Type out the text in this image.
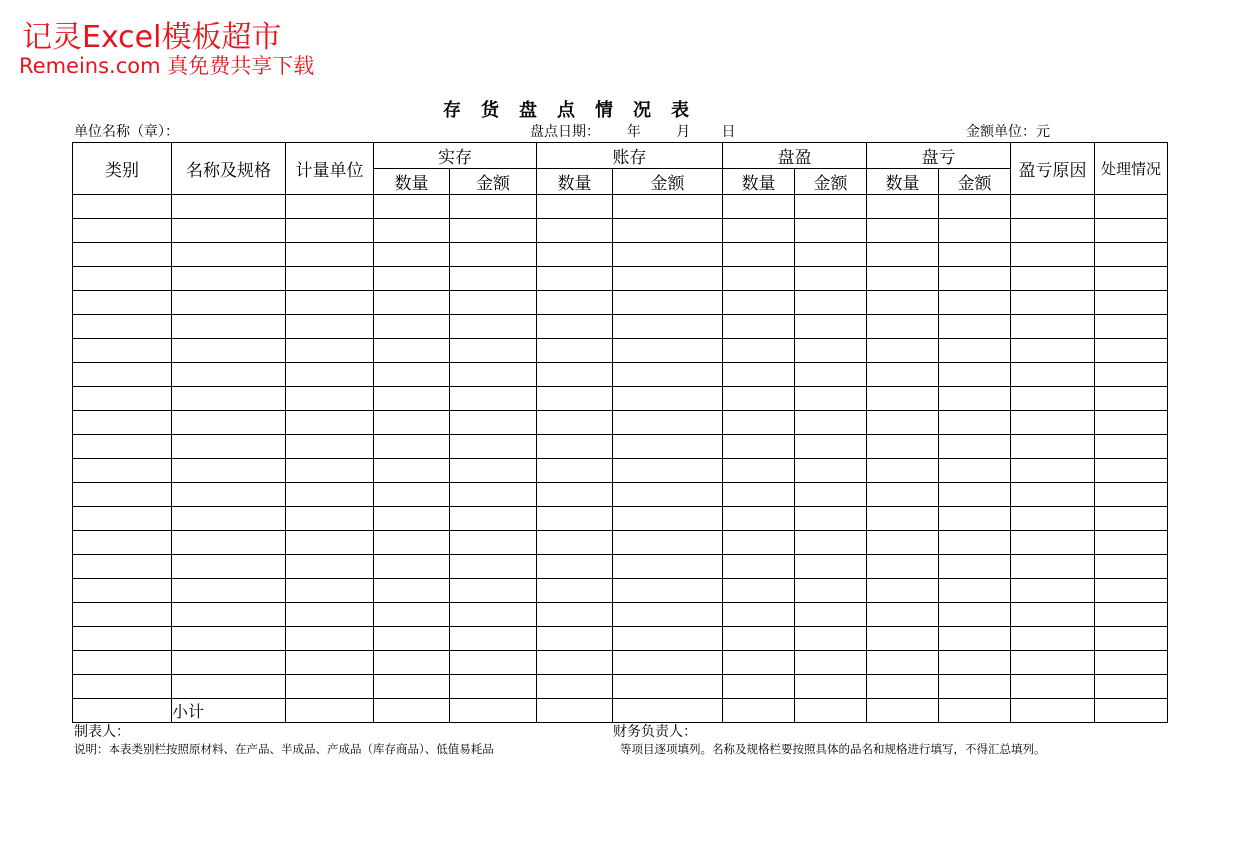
记灵Excel模板超市
Remeins.com 真免费共享下载
存货盘点情况表
单位名称（章）：	盘点日期：      年        月       日	金额单位：元
类别	名称及规格	计量单位	实存		账存		盘盈		盘亏		盈亏原因	处理情况
			数量	金额	数量	金额	数量	金额	数量	金额		

	小计											
制表人：	财务负责人：
说明：本表类别栏按照原材料、在产品、半成品、产成品（库存商品）、低值易耗品	等项目逐项填列。名称及规格栏要按照具体的品名和规格进行填写，不得汇总填列。
